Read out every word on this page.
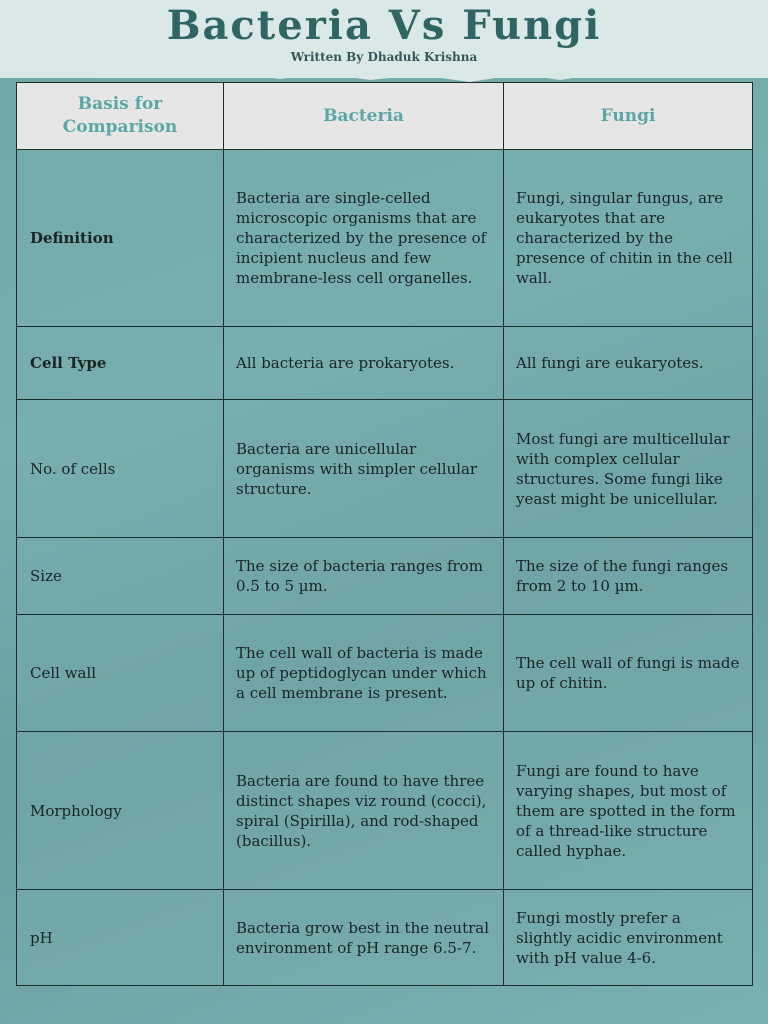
Bacteria Vs Fungi
Written By Dhaduk Krishna
Basis for Comparison	Bacteria	Fungi
Definition	Bacteria are single-celled microscopic organisms that are characterized by the presence of incipient nucleus and few membrane-less cell organelles.	Fungi, singular fungus, are eukaryotes that are characterized by the presence of chitin in the cell wall.
Cell Type	All bacteria are prokaryotes.	All fungi are eukaryotes.
No. of cells	Bacteria are unicellular organisms with simpler cellular structure.	Most fungi are multicellular with complex cellular structures. Some fungi like yeast might be unicellular.
Size	The size of bacteria ranges from 0.5 to 5 µm.	The size of the fungi ranges from 2 to 10 µm.
Cell wall	The cell wall of bacteria is made up of peptidoglycan under which a cell membrane is present.	The cell wall of fungi is made up of chitin.
Morphology	Bacteria are found to have three distinct shapes viz round (cocci), spiral (Spirilla), and rod-shaped (bacillus).	Fungi are found to have varying shapes, but most of them are spotted in the form of a thread-like structure called hyphae.
pH	Bacteria grow best in the neutral environment of pH range 6.5-7.	Fungi mostly prefer a slightly acidic environment with pH value 4-6.
